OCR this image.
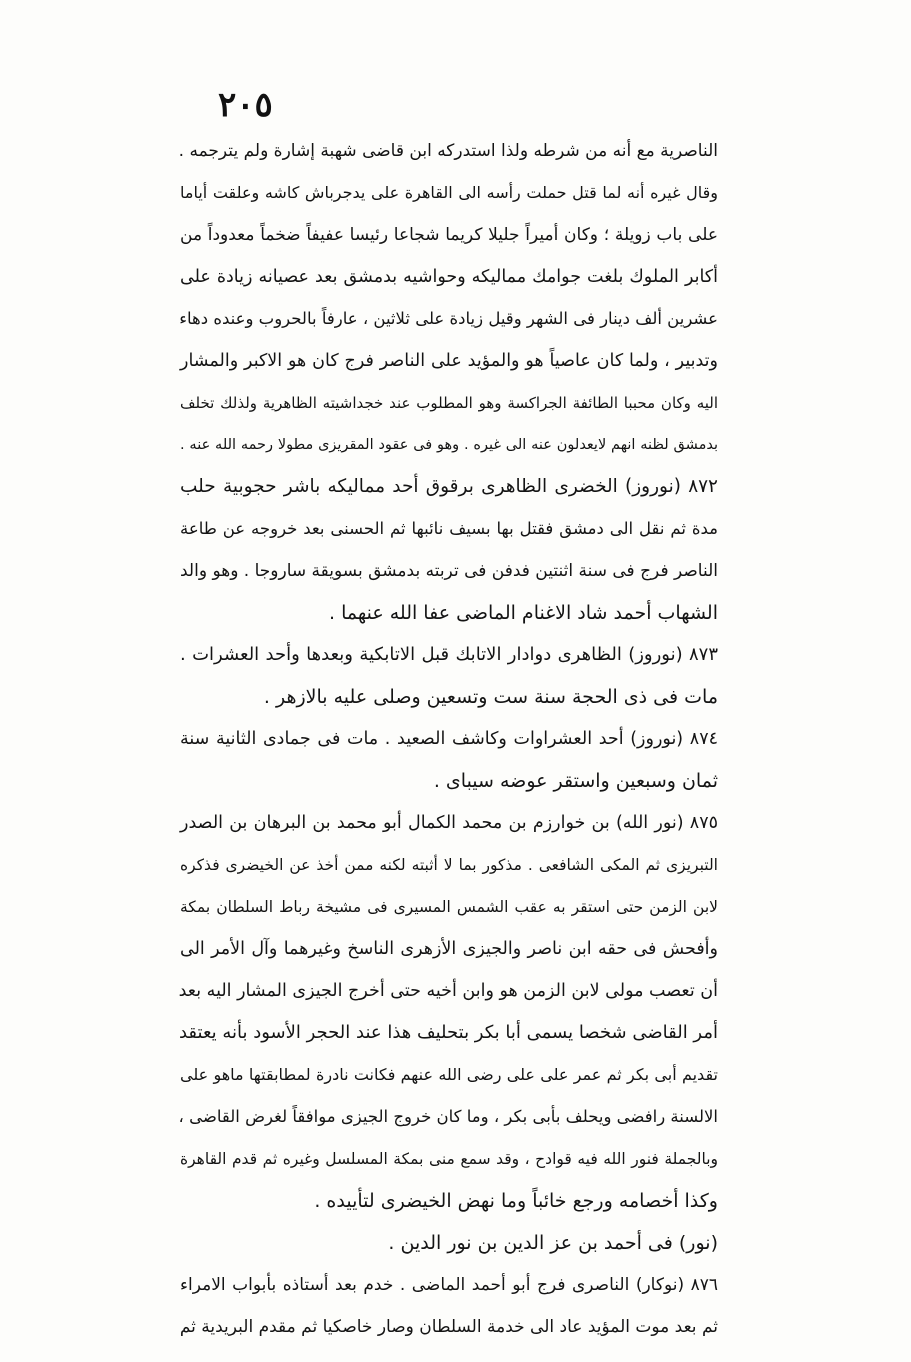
٢٠٥
الناصرية مع أنه من شرطه ولذا استدركه ابن قاضى شهبة إشارة ولم يترجمه .
وقال غيره أنه لما قتل حملت رأسه الى القاهرة على يدجرباش كاشه وعلقت أياما
على باب زويلة ؛ وكان أميراً جليلا كريما شجاعا رئيسا عفيفاً ضخماً معدوداً من
أكابر الملوك بلغت جوامك مماليكه وحواشيه بدمشق بعد عصيانه زيادة على
عشرين ألف دينار فى الشهر وقيل زيادة على ثلاثين ، عارفاً بالحروب وعنده دهاء
وتدبير ، ولما كان عاصياً هو والمؤيد على الناصر فرج كان هو الاكبر والمشار
اليه وكان محببا الطائفة الجراكسة وهو المطلوب عند خجداشيته الظاهرية ولذلك تخلف
بدمشق لظنه انهم لايعدلون عنه الى غيره . وهو فى عقود المقريزى مطولا رحمه الله عنه .
٨٧٢ (نوروز) الخضرى الظاهرى برقوق أحد مماليكه باشر حجوبية حلب
مدة ثم نقل الى دمشق فقتل بها بسيف نائبها ثم الحسنى بعد خروجه عن طاعة
الناصر فرج فى سنة اثنتين فدفن فى تربته بدمشق بسويقة ساروجا . وهو والد
الشهاب أحمد شاد الاغنام الماضى عفا الله عنهما .
٨٧٣ (نوروز) الظاهرى دوادار الاتابك قبل الاتابكية وبعدها وأحد العشرات .
مات فى ذى الحجة سنة ست وتسعين وصلى عليه بالازهر .
٨٧٤ (نوروز) أحد العشراوات وكاشف الصعيد . مات فى جمادى الثانية سنة
ثمان وسبعين واستقر عوضه سيباى .
٨٧٥ (نور الله) بن خوارزم بن محمد الكمال أبو محمد بن البرهان بن الصدر
التبريزى ثم المكى الشافعى . مذكور بما لا أثبته لكنه ممن أخذ عن الخيضرى فذكره
لابن الزمن حتى استقر به عقب الشمس المسيرى فى مشيخة رباط السلطان بمكة
وأفحش فى حقه ابن ناصر والجيزى الأزهرى الناسخ وغيرهما وآل الأمر الى
أن تعصب مولى لابن الزمن هو وابن أخيه حتى أخرج الجيزى المشار اليه بعد
أمر القاضى شخصا يسمى أبا بكر بتحليف هذا عند الحجر الأسود بأنه يعتقد
تقديم أبى بكر ثم عمر على على رضى الله عنهم فكانت نادرة لمطابقتها ماهو على
الالسنة رافضى ويحلف بأبى بكر ، وما كان خروج الجيزى موافقاً لغرض القاضى ،
وبالجملة فنور الله فيه قوادح ، وقد سمع منى بمكة المسلسل وغيره ثم قدم القاهرة
وكذا أخصامه ورجع خائباً وما نهض الخيضرى لتأييده .
(نور) فى أحمد بن عز الدين بن نور الدين .
٨٧٦ (نوكار) الناصرى فرج أبو أحمد الماضى . خدم بعد أستاذه بأبواب الامراء
ثم بعد موت المؤيد عاد الى خدمة السلطان وصار خاصكيا ثم مقدم البريدية ثم
